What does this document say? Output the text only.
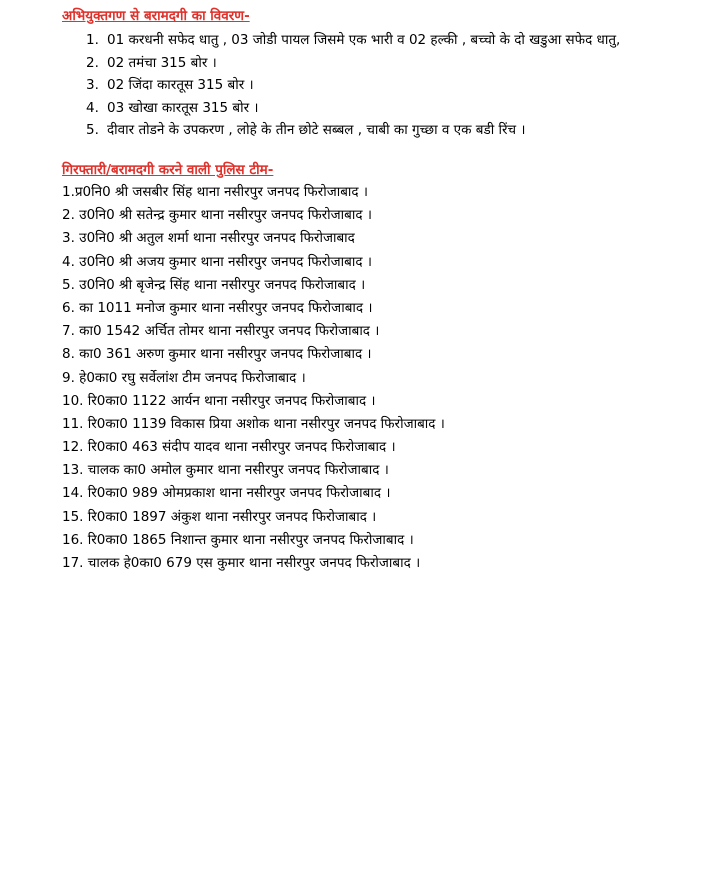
अभियुक्तगण से बरामदगी का विवरण-
1. 01 करधनी सफेद धातु , 03 जोडी पायल जिसमे एक भारी व 02 हल्की , बच्चो के दो खडुआ सफेद धातु,
2. 02 तमंचा 315 बोर ।
3. 02 जिंदा कारतूस 315 बोर ।
4. 03 खोखा कारतूस 315 बोर ।
5. दीवार तोडने के उपकरण , लोहे के तीन छोटे सब्बल , चाबी का गुच्छा व एक बडी रिंच ।
गिरफ्तारी/बरामदगी करने वाली पुलिस टीम-
1.प्र0नि0 श्री जसबीर सिंह थाना नसीरपुर जनपद फिरोजाबाद ।
2. उ0नि0 श्री सतेन्द्र कुमार थाना नसीरपुर जनपद फिरोजाबाद ।
3. उ0नि0 श्री अतुल शर्मा थाना नसीरपुर जनपद फिरोजाबाद
4. उ0नि0 श्री अजय कुमार थाना नसीरपुर जनपद फिरोजाबाद ।
5. उ0नि0 श्री बृजेन्द्र सिंह थाना नसीरपुर जनपद फिरोजाबाद ।
6. का 1011 मनोज कुमार थाना नसीरपुर जनपद फिरोजाबाद ।
7. का0 1542 अर्चित तोमर थाना नसीरपुर जनपद फिरोजाबाद ।
8. का0 361 अरुण कुमार थाना नसीरपुर जनपद फिरोजाबाद ।
9. हे0का0 रघु सर्वेलांश टीम जनपद फिरोजाबाद ।
10. रि0का0 1122 आर्यन थाना नसीरपुर जनपद फिरोजाबाद ।
11. रि0का0 1139 विकास प्रिया अशोक थाना नसीरपुर जनपद फिरोजाबाद ।
12. रि0का0 463 संदीप यादव थाना नसीरपुर जनपद फिरोजाबाद ।
13. चालक का0 अमोल कुमार थाना नसीरपुर जनपद फिरोजाबाद ।
14. रि0का0 989 ओमप्रकाश थाना नसीरपुर जनपद फिरोजाबाद ।
15. रि0का0 1897 अंकुश थाना नसीरपुर जनपद फिरोजाबाद ।
16. रि0का0 1865 निशान्त कुमार थाना नसीरपुर जनपद फिरोजाबाद ।
17. चालक हे0का0 679 एस कुमार थाना नसीरपुर जनपद फिरोजाबाद ।
